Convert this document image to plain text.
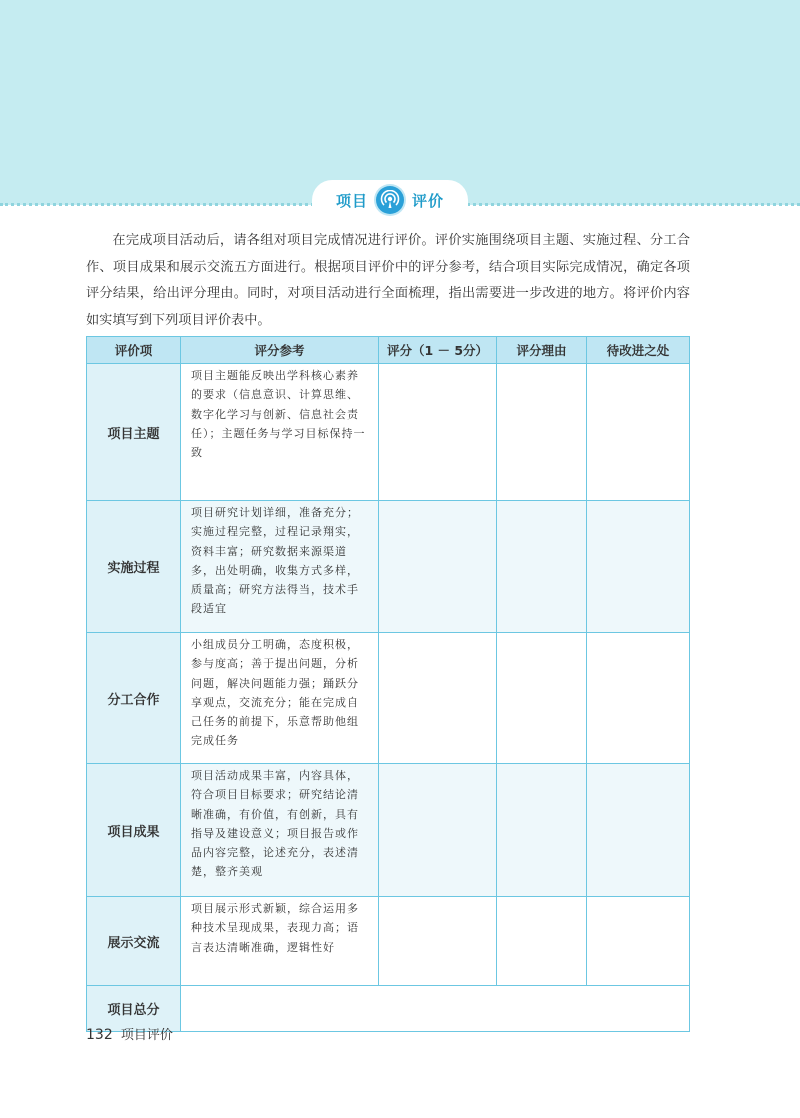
项目	评价

在完成项目活动后，请各组对项目完成情况进行评价。评价实施围绕项目主题、实施过程、分工合作、项目成果和展示交流五方面进行。根据项目评价中的评分参考，结合项目实际完成情况，确定各项评分结果，给出评分理由。同时，对项目活动进行全面梳理，指出需要进一步改进的地方。将评价内容如实填写到下列项目评价表中。

评价项	评分参考	评分（1 － 5分）	评分理由	待改进之处
项目主题	项目主题能反映出学科核心素养的要求（信息意识、计算思维、数字化学习与创新、信息社会责任）；主题任务与学习目标保持一致			
实施过程	项目研究计划详细，准备充分；实施过程完整，过程记录翔实，资料丰富；研究数据来源渠道多，出处明确，收集方式多样，质量高；研究方法得当，技术手段适宜			
分工合作	小组成员分工明确，态度积极，参与度高；善于提出问题，分析问题，解决问题能力强；踊跃分享观点，交流充分；能在完成自己任务的前提下，乐意帮助他组完成任务			
项目成果	项目活动成果丰富，内容具体，符合项目目标要求；研究结论清晰准确，有价值，有创新，具有指导及建设意义；项目报告或作品内容完整，论述充分，表述清楚，整齐美观			
展示交流	项目展示形式新颖，综合运用多种技术呈现成果，表现力高；语言表达清晰准确，逻辑性好			
项目总分				
132 项目评价
